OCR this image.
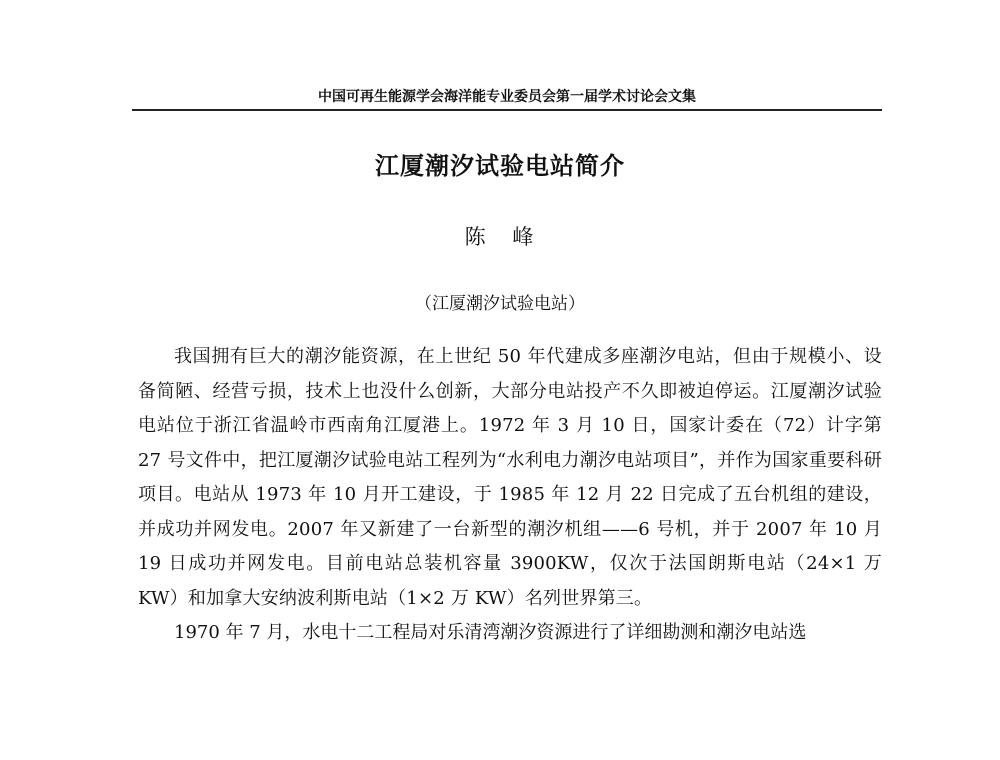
中国可再生能源学会海洋能专业委员会第一届学术讨论会文集
江厦潮汐试验电站简介
陈 峰
（江厦潮汐试验电站）

我国拥有巨大的潮汐能资源，在上世纪 50 年代建成多座潮汐电站，但由于规模小、设备简陋、经营亏损，技术上也没什么创新，大部分电站投产不久即被迫停运。江厦潮汐试验电站位于浙江省温岭市西南角江厦港上。1972 年 3 月 10 日，国家计委在（72）计字第 27 号文件中，把江厦潮汐试验电站工程列为“水利电力潮汐电站项目”，并作为国家重要科研项目。电站从 1973 年 10 月开工建设，于 1985 年 12 月 22 日完成了五台机组的建设，并成功并网发电。2007 年又新建了一台新型的潮汐机组——6 号机，并于 2007 年 10 月 19 日成功并网发电。目前电站总装机容量 3900KW，仅次于法国朗斯电站（24×1 万 KW）和加拿大安纳波利斯电站（1×2 万 KW）名列世界第三。

1970 年 7 月，水电十二工程局对乐清湾潮汐资源进行了详细勘测和潮汐电站选
